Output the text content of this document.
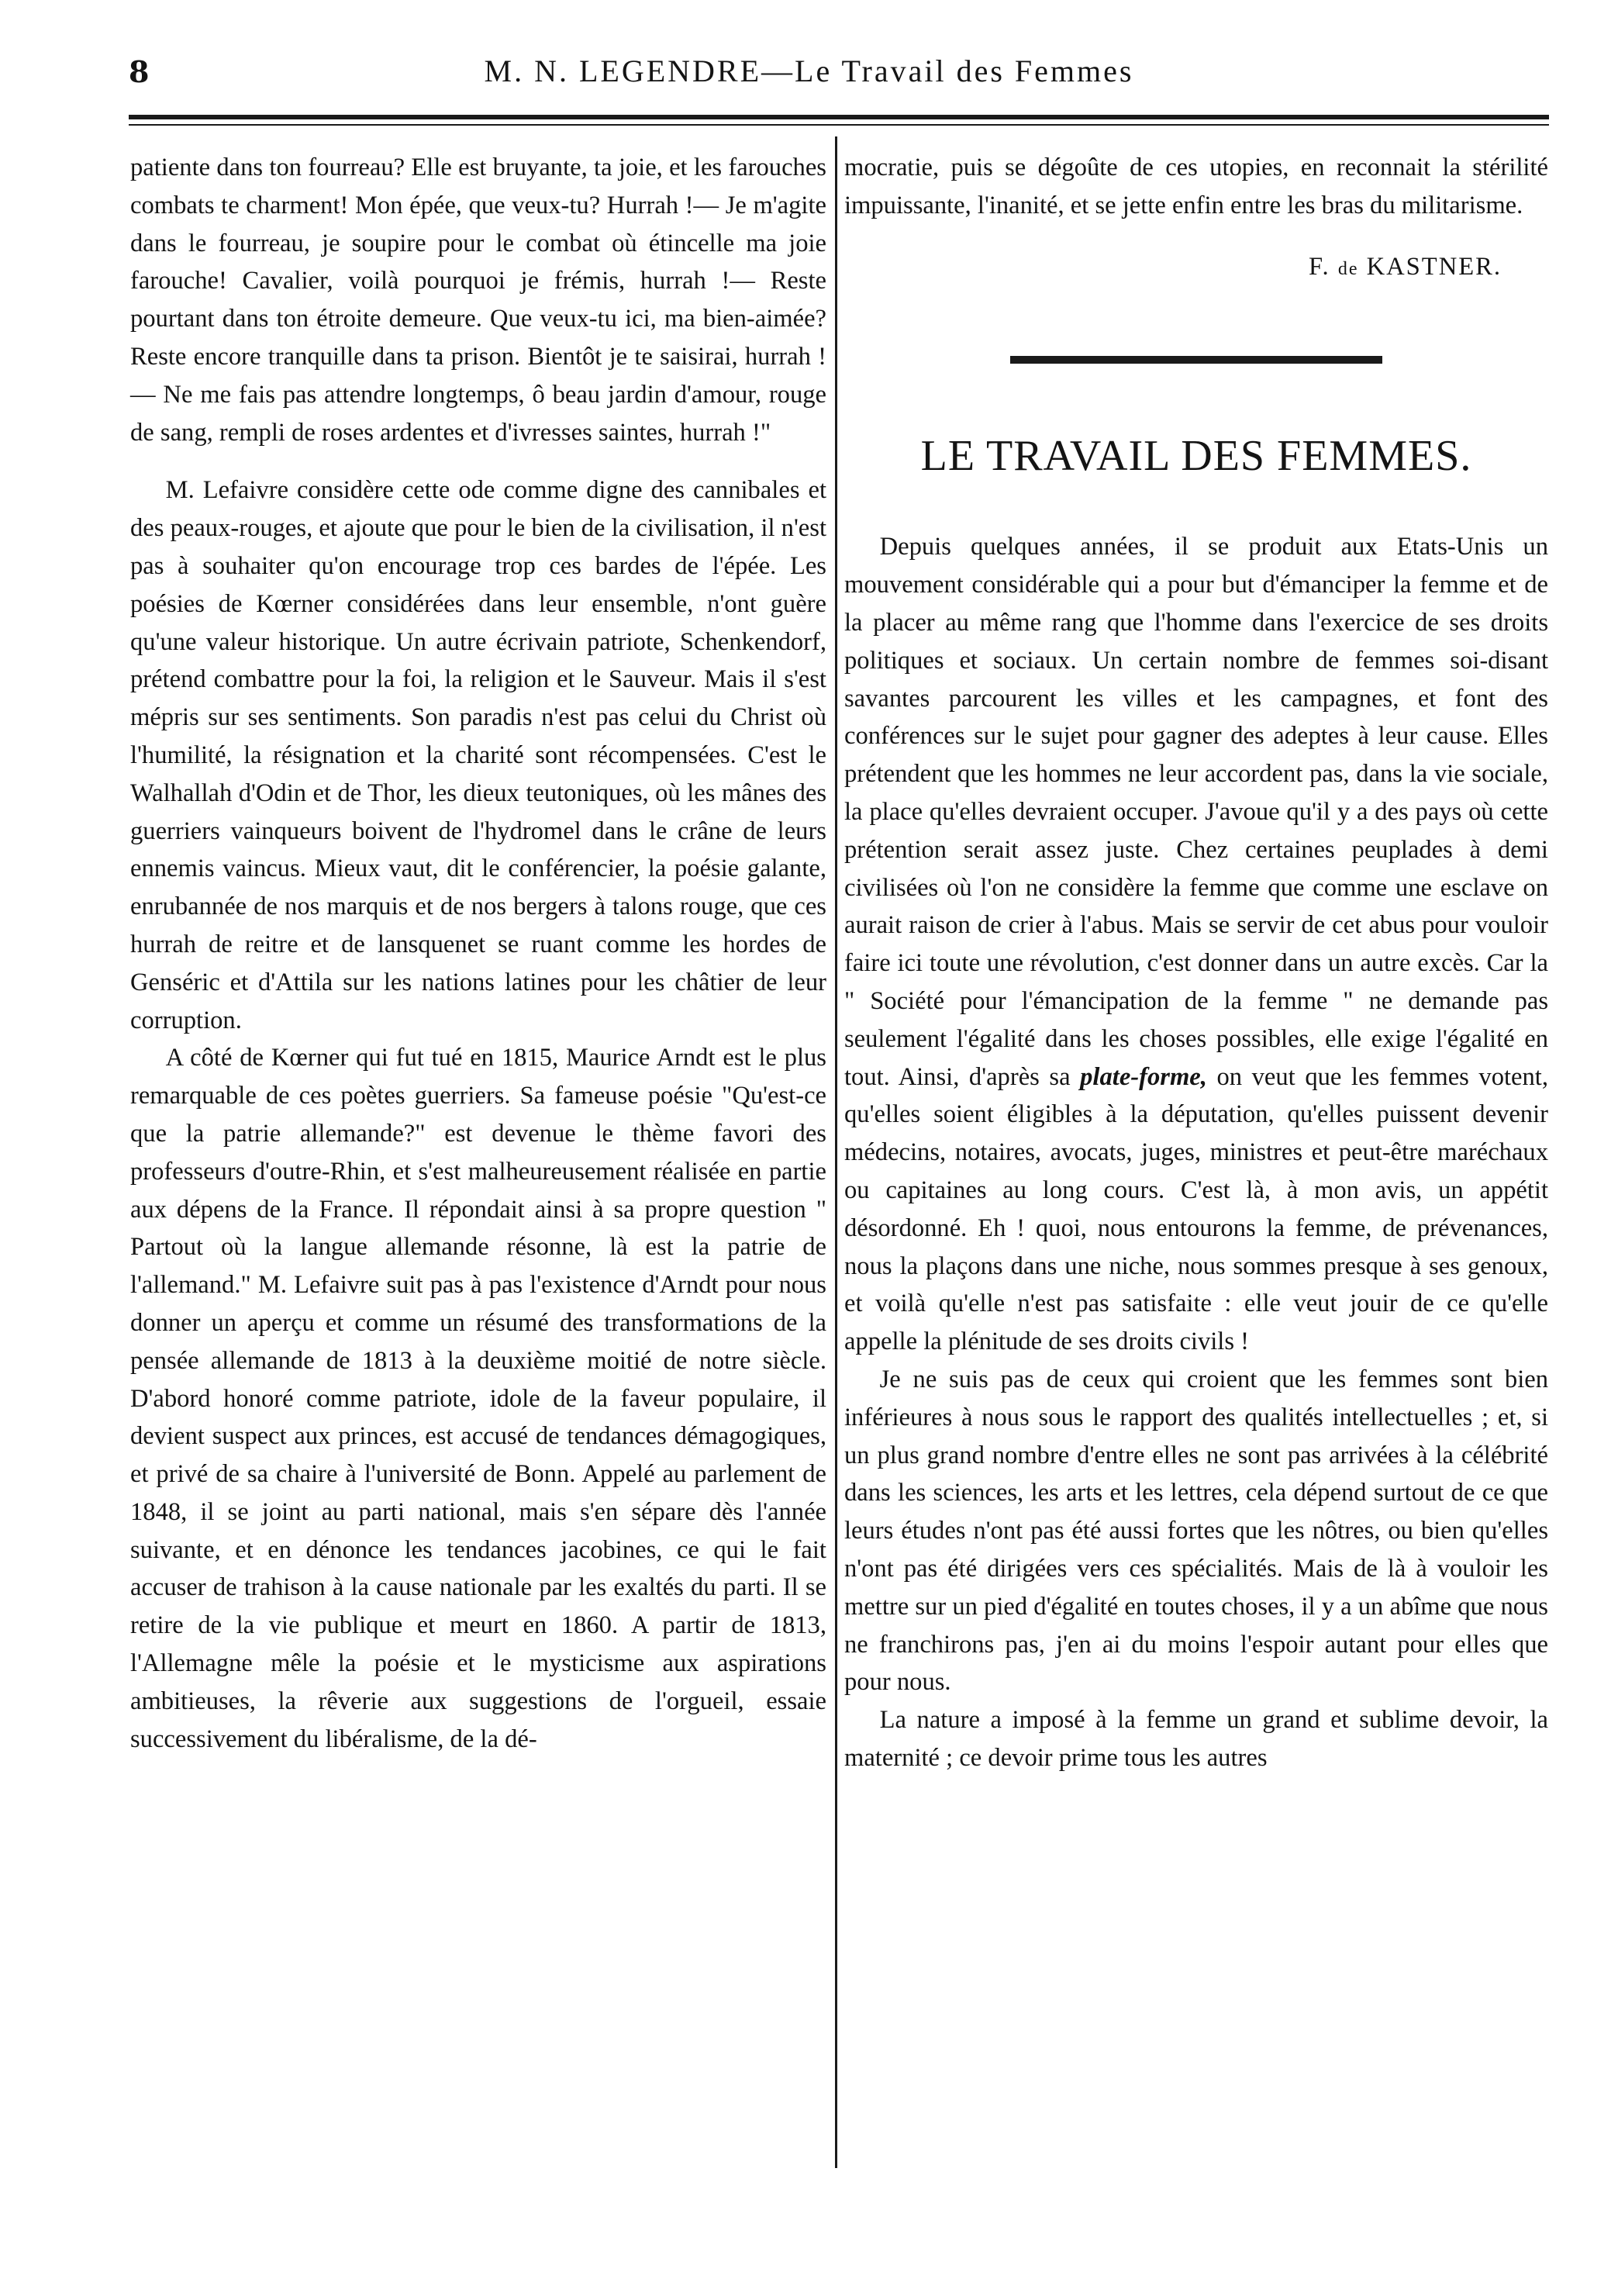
8	M. N. LEGENDRE—Le Travail des Femmes

patiente dans ton fourreau? Elle est bruyante, ta joie, et les farouches combats te charment! Mon épée, que veux-tu? Hurrah !— Je m'agite dans le fourreau, je soupire pour le combat où étincelle ma joie farouche! Cavalier, voilà pourquoi je frémis, hurrah !— Reste pourtant dans ton étroite demeure. Que veux-tu ici, ma bien-aimée? Reste encore tranquille dans ta prison. Bientôt je te saisirai, hurrah !— Ne me fais pas attendre longtemps, ô beau jardin d'amour, rouge de sang, rempli de roses ardentes et d'ivresses saintes, hurrah !"

M. Lefaivre considère cette ode comme digne des cannibales et des peaux-rouges, et ajoute que pour le bien de la civilisation, il n'est pas à souhaiter qu'on encourage trop ces bardes de l'épée. Les poésies de Kœrner considérées dans leur ensemble, n'ont guère qu'une valeur historique. Un autre écrivain patriote, Schenkendorf, prétend combattre pour la foi, la religion et le Sauveur. Mais il s'est mépris sur ses sentiments. Son paradis n'est pas celui du Christ où l'humilité, la résignation et la charité sont récompensées. C'est le Walhallah d'Odin et de Thor, les dieux teutoniques, où les mânes des guerriers vainqueurs boivent de l'hydromel dans le crâne de leurs ennemis vaincus. Mieux vaut, dit le conférencier, la poésie galante, enrubannée de nos marquis et de nos bergers à talons rouge, que ces hurrah de reitre et de lansquenet se ruant comme les hordes de Genséric et d'Attila sur les nations latines pour les châtier de leur corruption.

A côté de Kœrner qui fut tué en 1815, Maurice Arndt est le plus remarquable de ces poètes guerriers. Sa fameuse poésie "Qu'est-ce que la patrie allemande?" est devenue le thème favori des professeurs d'outre-Rhin, et s'est malheureusement réalisée en partie aux dépens de la France. Il répondait ainsi à sa propre question " Partout où la langue allemande résonne, là est la patrie de l'allemand." M. Lefaivre suit pas à pas l'existence d'Arndt pour nous donner un aperçu et comme un résumé des transformations de la pensée allemande de 1813 à la deuxième moitié de notre siècle. D'abord honoré comme patriote, idole de la faveur populaire, il devient suspect aux princes, est accusé de tendances démagogiques, et privé de sa chaire à l'université de Bonn. Appelé au parlement de 1848, il se joint au parti national, mais s'en sépare dès l'année suivante, et en dénonce les tendances jacobines, ce qui le fait accuser de trahison à la cause nationale par les exaltés du parti. Il se retire de la vie publique et meurt en 1860. A partir de 1813, l'Allemagne mêle la poésie et le mysticisme aux aspirations ambitieuses, la rêverie aux suggestions de l'orgueil, essaie successivement du libéralisme, de la dé-

mocratie, puis se dégoûte de ces utopies, en reconnait la stérilité impuissante, l'inanité, et se jette enfin entre les bras du militarisme.

F. de KASTNER.

LE TRAVAIL DES FEMMES.

Depuis quelques années, il se produit aux Etats-Unis un mouvement considérable qui a pour but d'émanciper la femme et de la placer au même rang que l'homme dans l'exercice de ses droits politiques et sociaux. Un certain nombre de femmes soi-disant savantes parcourent les villes et les campagnes, et font des conférences sur le sujet pour gagner des adeptes à leur cause. Elles prétendent que les hommes ne leur accordent pas, dans la vie sociale, la place qu'elles devraient occuper. J'avoue qu'il y a des pays où cette prétention serait assez juste. Chez certaines peuplades à demi civilisées où l'on ne considère la femme que comme une esclave on aurait raison de crier à l'abus. Mais se servir de cet abus pour vouloir faire ici toute une révolution, c'est donner dans un autre excès. Car la " Société pour l'émancipation de la femme " ne demande pas seulement l'égalité dans les choses possibles, elle exige l'égalité en tout. Ainsi, d'après sa plate-forme, on veut que les femmes votent, qu'elles soient éligibles à la députation, qu'elles puissent devenir médecins, notaires, avocats, juges, ministres et peut-être maréchaux ou capitaines au long cours. C'est là, à mon avis, un appétit désordonné. Eh ! quoi, nous entourons la femme, de prévenances, nous la plaçons dans une niche, nous sommes presque à ses genoux, et voilà qu'elle n'est pas satisfaite : elle veut jouir de ce qu'elle appelle la plénitude de ses droits civils !

Je ne suis pas de ceux qui croient que les femmes sont bien inférieures à nous sous le rapport des qualités intellectuelles ; et, si un plus grand nombre d'entre elles ne sont pas arrivées à la célébrité dans les sciences, les arts et les lettres, cela dépend surtout de ce que leurs études n'ont pas été aussi fortes que les nôtres, ou bien qu'elles n'ont pas été dirigées vers ces spécialités. Mais de là à vouloir les mettre sur un pied d'égalité en toutes choses, il y a un abîme que nous ne franchirons pas, j'en ai du moins l'espoir autant pour elles que pour nous.

La nature a imposé à la femme un grand et sublime devoir, la maternité ; ce devoir prime tous les autres
